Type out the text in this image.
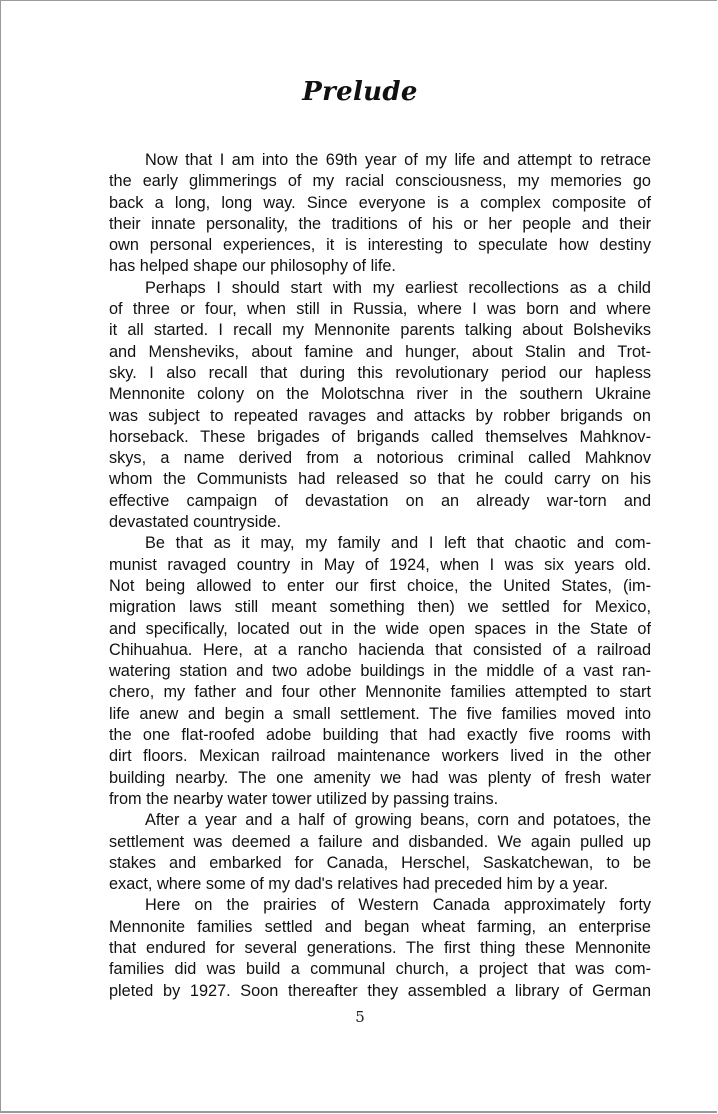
Prelude
Now that I am into the 69th year of my life and attempt to retrace
the early glimmerings of my racial consciousness, my memories go
back a long, long way. Since everyone is a complex composite of
their innate personality, the traditions of his or her people and their
own personal experiences, it is interesting to speculate how destiny
has helped shape our philosophy of life.
Perhaps I should start with my earliest recollections as a child
of three or four, when still in Russia, where I was born and where
it all started. I recall my Mennonite parents talking about Bolsheviks
and Mensheviks, about famine and hunger, about Stalin and Trot-
sky. I also recall that during this revolutionary period our hapless
Mennonite colony on the Molotschna river in the southern Ukraine
was subject to repeated ravages and attacks by robber brigands on
horseback. These brigades of brigands called themselves Mahknov-
skys, a name derived from a notorious criminal called Mahknov
whom the Communists had released so that he could carry on his
effective campaign of devastation on an already war-torn and
devastated countryside.
Be that as it may, my family and I left that chaotic and com-
munist ravaged country in May of 1924, when I was six years old.
Not being allowed to enter our first choice, the United States, (im-
migration laws still meant something then) we settled for Mexico,
and specifically, located out in the wide open spaces in the State of
Chihuahua. Here, at a rancho hacienda that consisted of a railroad
watering station and two adobe buildings in the middle of a vast ran-
chero, my father and four other Mennonite families attempted to start
life anew and begin a small settlement. The five families moved into
the one flat-roofed adobe building that had exactly five rooms with
dirt floors. Mexican railroad maintenance workers lived in the other
building nearby. The one amenity we had was plenty of fresh water
from the nearby water tower utilized by passing trains.
After a year and a half of growing beans, corn and potatoes, the
settlement was deemed a failure and disbanded. We again pulled up
stakes and embarked for Canada, Herschel, Saskatchewan, to be
exact, where some of my dad's relatives had preceded him by a year.
Here on the prairies of Western Canada approximately forty
Mennonite families settled and began wheat farming, an enterprise
that endured for several generations. The first thing these Mennonite
families did was build a communal church, a project that was com-
pleted by 1927. Soon thereafter they assembled a library of German
5
